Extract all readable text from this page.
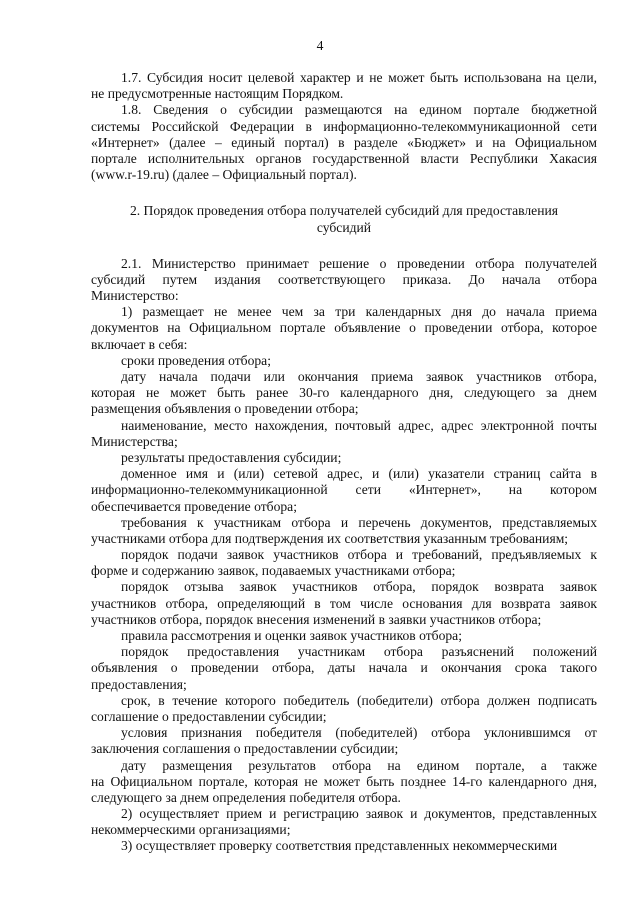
4
1.7. Субсидия носит целевой характер и не может быть использована на цели,
не предусмотренные настоящим Порядком.
1.8. Сведения о субсидии размещаются на едином портале бюджетной
системы Российской Федерации в информационно-телекоммуникационной сети
«Интернет» (далее – единый портал) в разделе «Бюджет» и на Официальном
портале исполнительных органов государственной власти Республики Хакасия
(www.r-19.ru) (далее – Официальный портал).
2. Порядок проведения отбора получателей субсидий для предоставления
субсидий
2.1. Министерство принимает решение о проведении отбора получателей
субсидий путем издания соответствующего приказа. До начала отбора
Министерство:
1) размещает не менее чем за три календарных дня до начала приема
документов на Официальном портале объявление о проведении отбора, которое
включает в себя:
сроки проведения отбора;
дату начала подачи или окончания приема заявок участников отбора,
которая не может быть ранее 30-го календарного дня, следующего за днем
размещения объявления о проведении отбора;
наименование, место нахождения, почтовый адрес, адрес электронной почты
Министерства;
результаты предоставления субсидии;
доменное имя и (или) сетевой адрес, и (или) указатели страниц сайта в
информационно-телекоммуникационной сети «Интернет», на котором
обеспечивается проведение отбора;
требования к участникам отбора и перечень документов, представляемых
участниками отбора для подтверждения их соответствия указанным требованиям;
порядок подачи заявок участников отбора и требований, предъявляемых к
форме и содержанию заявок, подаваемых участниками отбора;
порядок отзыва заявок участников отбора, порядок возврата заявок
участников отбора, определяющий в том числе основания для возврата заявок
участников отбора, порядок внесения изменений в заявки участников отбора;
правила рассмотрения и оценки заявок участников отбора;
порядок предоставления участникам отбора разъяснений положений
объявления о проведении отбора, даты начала и окончания срока такого
предоставления;
срок, в течение которого победитель (победители) отбора должен подписать
соглашение о предоставлении субсидии;
условия признания победителя (победителей) отбора уклонившимся от
заключения соглашения о предоставлении субсидии;
дату размещения результатов отбора на едином портале, а также
на Официальном портале, которая не может быть позднее 14-го календарного дня,
следующего за днем определения победителя отбора.
2) осуществляет прием и регистрацию заявок и документов, представленных
некоммерческими организациями;
3) осуществляет проверку соответствия представленных некоммерческими
